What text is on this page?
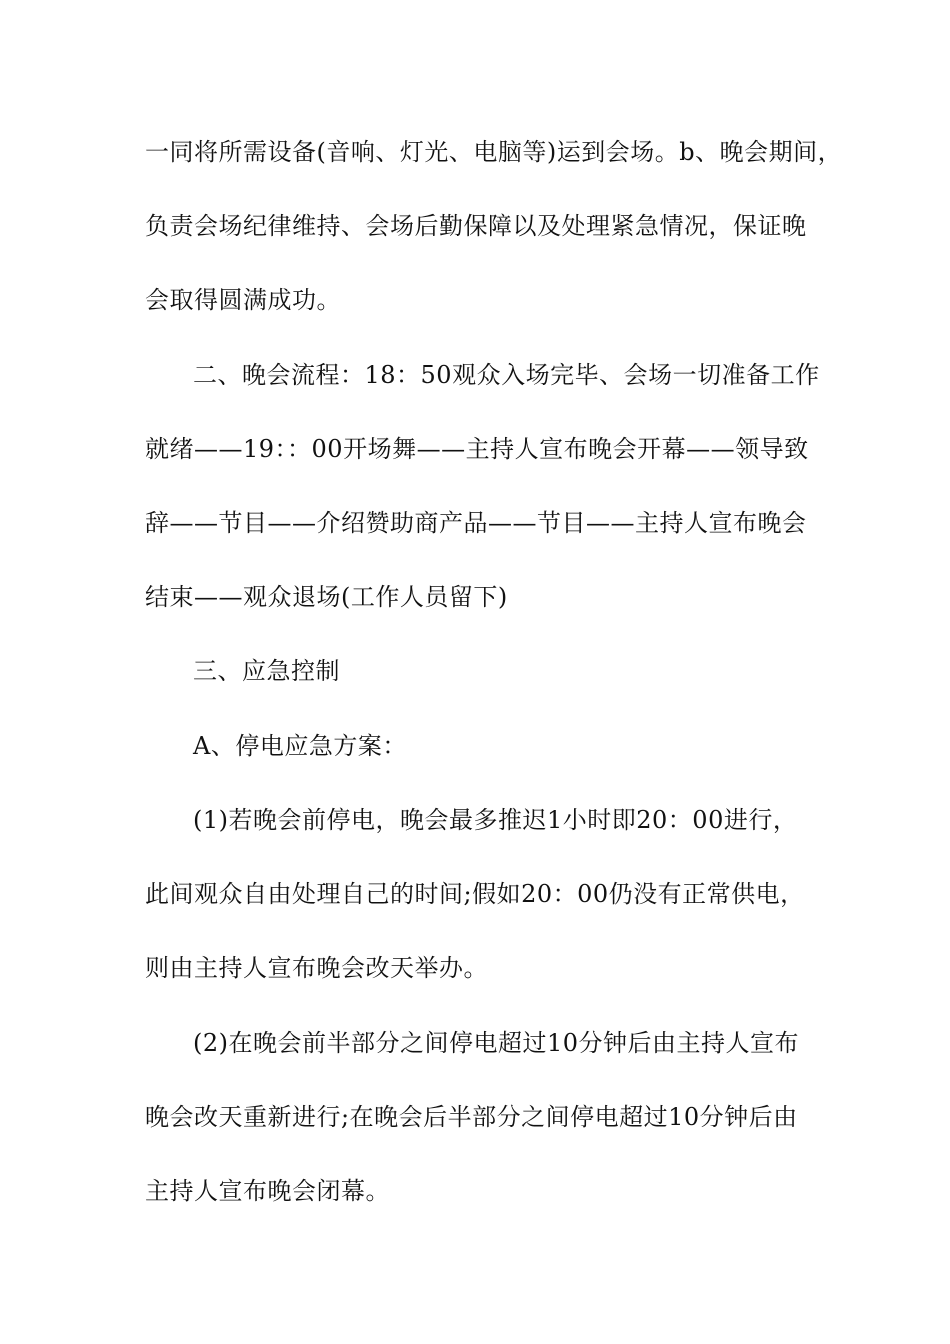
一同将所需设备(音响、灯光、电脑等)运到会场。b、晚会期间，

负责会场纪律维持、会场后勤保障以及处理紧急情况，保证晚

会取得圆满成功。

二、晚会流程：18：50观众入场完毕、会场一切准备工作

就绪——19：：00开场舞——主持人宣布晚会开幕——领导致

辞——节目——介绍赞助商产品——节目——主持人宣布晚会

结束——观众退场(工作人员留下)

三、应急控制

A、停电应急方案：

(1)若晚会前停电，晚会最多推迟1小时即20：00进行，

此间观众自由处理自己的时间;假如20：00仍没有正常供电，

则由主持人宣布晚会改天举办。

(2)在晚会前半部分之间停电超过10分钟后由主持人宣布

晚会改天重新进行;在晚会后半部分之间停电超过10分钟后由

主持人宣布晚会闭幕。
